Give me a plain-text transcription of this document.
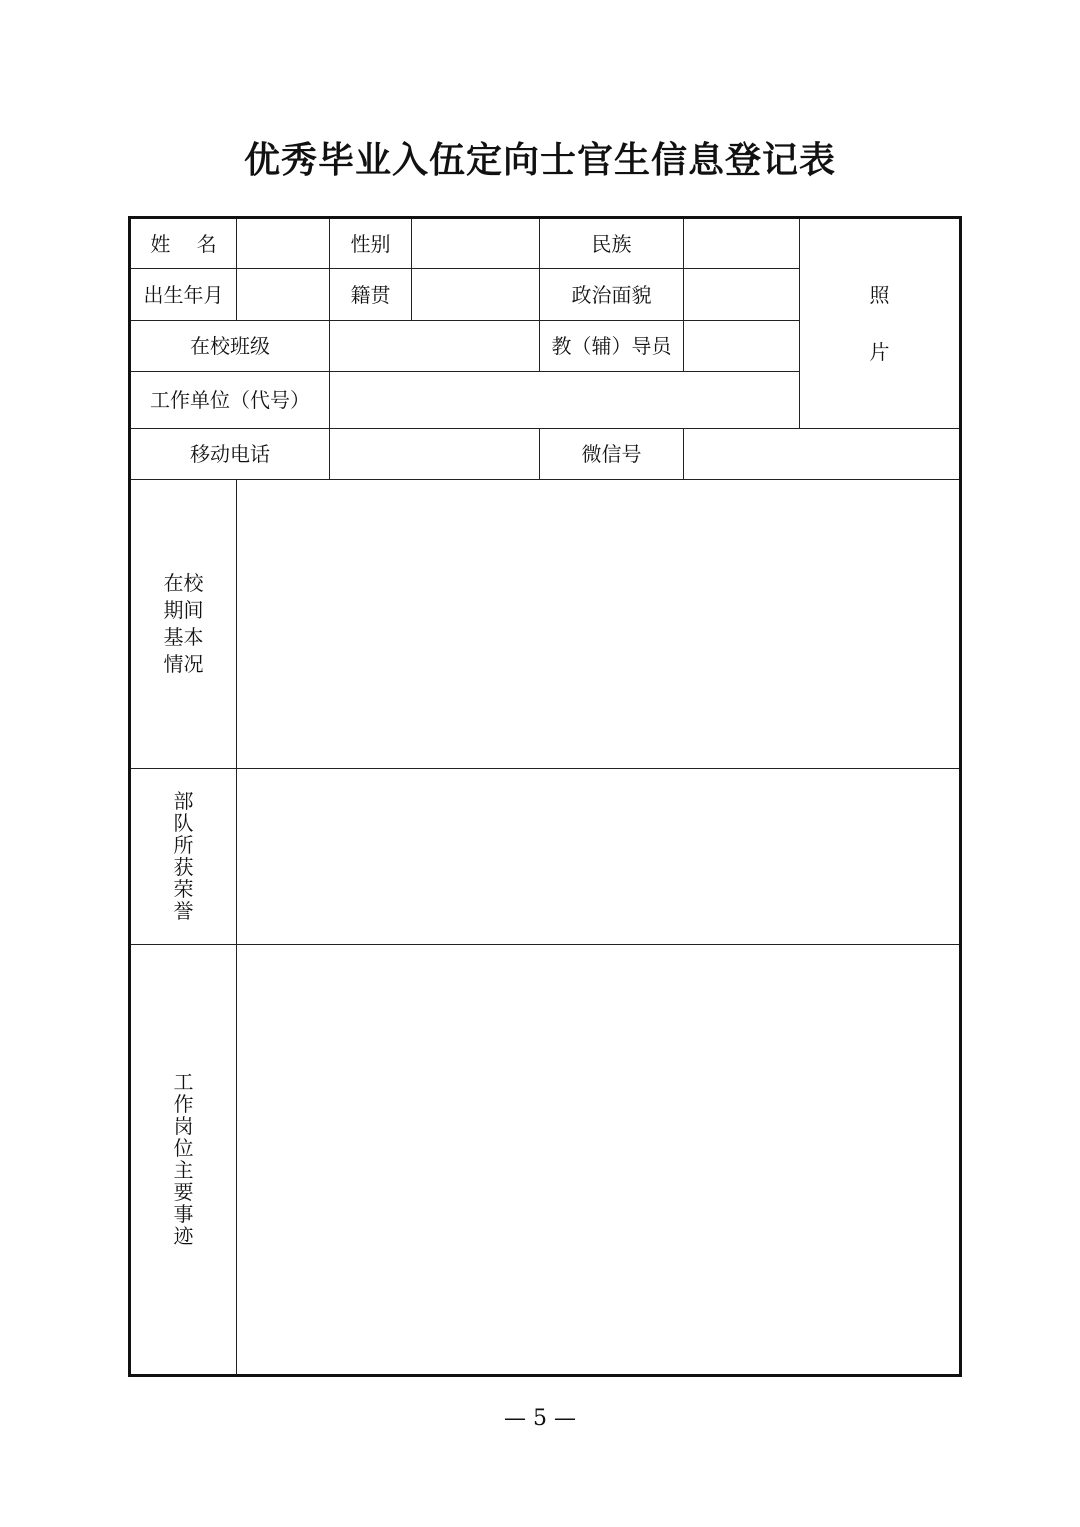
优秀毕业入伍定向士官生信息登记表
姓　 名		性别		民族		照
片
出生年月		籍贯		政治面貌		
在校班级				教（辅）导员		
工作单位（代号）						
移动电话				微信号		
在校
期间
基本
情况						
部队所获荣誉						
工作岗位主要事迹						
— 5 —
